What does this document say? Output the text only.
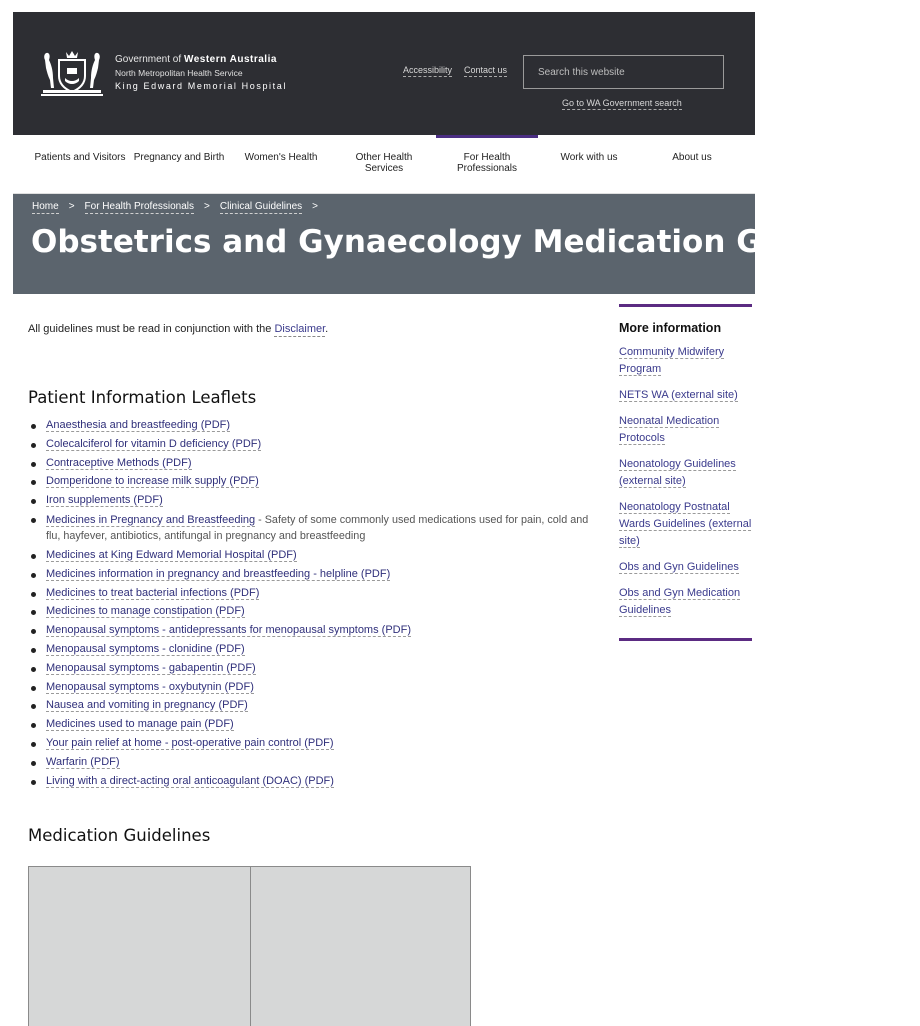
Government of Western Australia
North Metropolitan Health Service
King Edward Memorial Hospital
Accessibility Contact us
Search this website
Go to WA Government search
Patients and Visitors Pregnancy and Birth Women's Health	Other Health Services
For Health Professionals
Work with us	About us
Home > For Health Professionals > Clinical Guidelines >
Obstetrics and Gynaecology Medication Guidelines

All guidelines must be read in conjunction with the Disclaimer.

Patient Information Leaflets
Anaesthesia and breastfeeding (PDF)
Colecalciferol for vitamin D deficiency (PDF)
Contraceptive Methods (PDF)
Domperidone to increase milk supply (PDF)
Iron supplements (PDF)
Medicines in Pregnancy and Breastfeeding - Safety of some commonly used medications used for pain, cold and flu, hayfever, antibiotics, antifungal in pregnancy and breastfeeding
Medicines at King Edward Memorial Hospital (PDF)
Medicines information in pregnancy and breastfeeding - helpline (PDF)
Medicines to treat bacterial infections (PDF)
Medicines to manage constipation (PDF)
Menopausal symptoms - antidepressants for menopausal symptoms (PDF)
Menopausal symptoms - clonidine (PDF)
Menopausal symptoms - gabapentin (PDF)
Menopausal symptoms - oxybutynin (PDF)
Nausea and vomiting in pregnancy (PDF)
Medicines used to manage pain (PDF)
Your pain relief at home - post-operative pain control (PDF)
Warfarin (PDF)
Living with a direct-acting oral anticoagulant (DOAC) (PDF)
Medication Guidelines
More information
Community Midwifery Program
NETS WA (external site)
Neonatal Medication Protocols
Neonatology Guidelines (external site)
Neonatology Postnatal Wards Guidelines (external site)
Obs and Gyn Guidelines
Obs and Gyn Medication Guidelines
